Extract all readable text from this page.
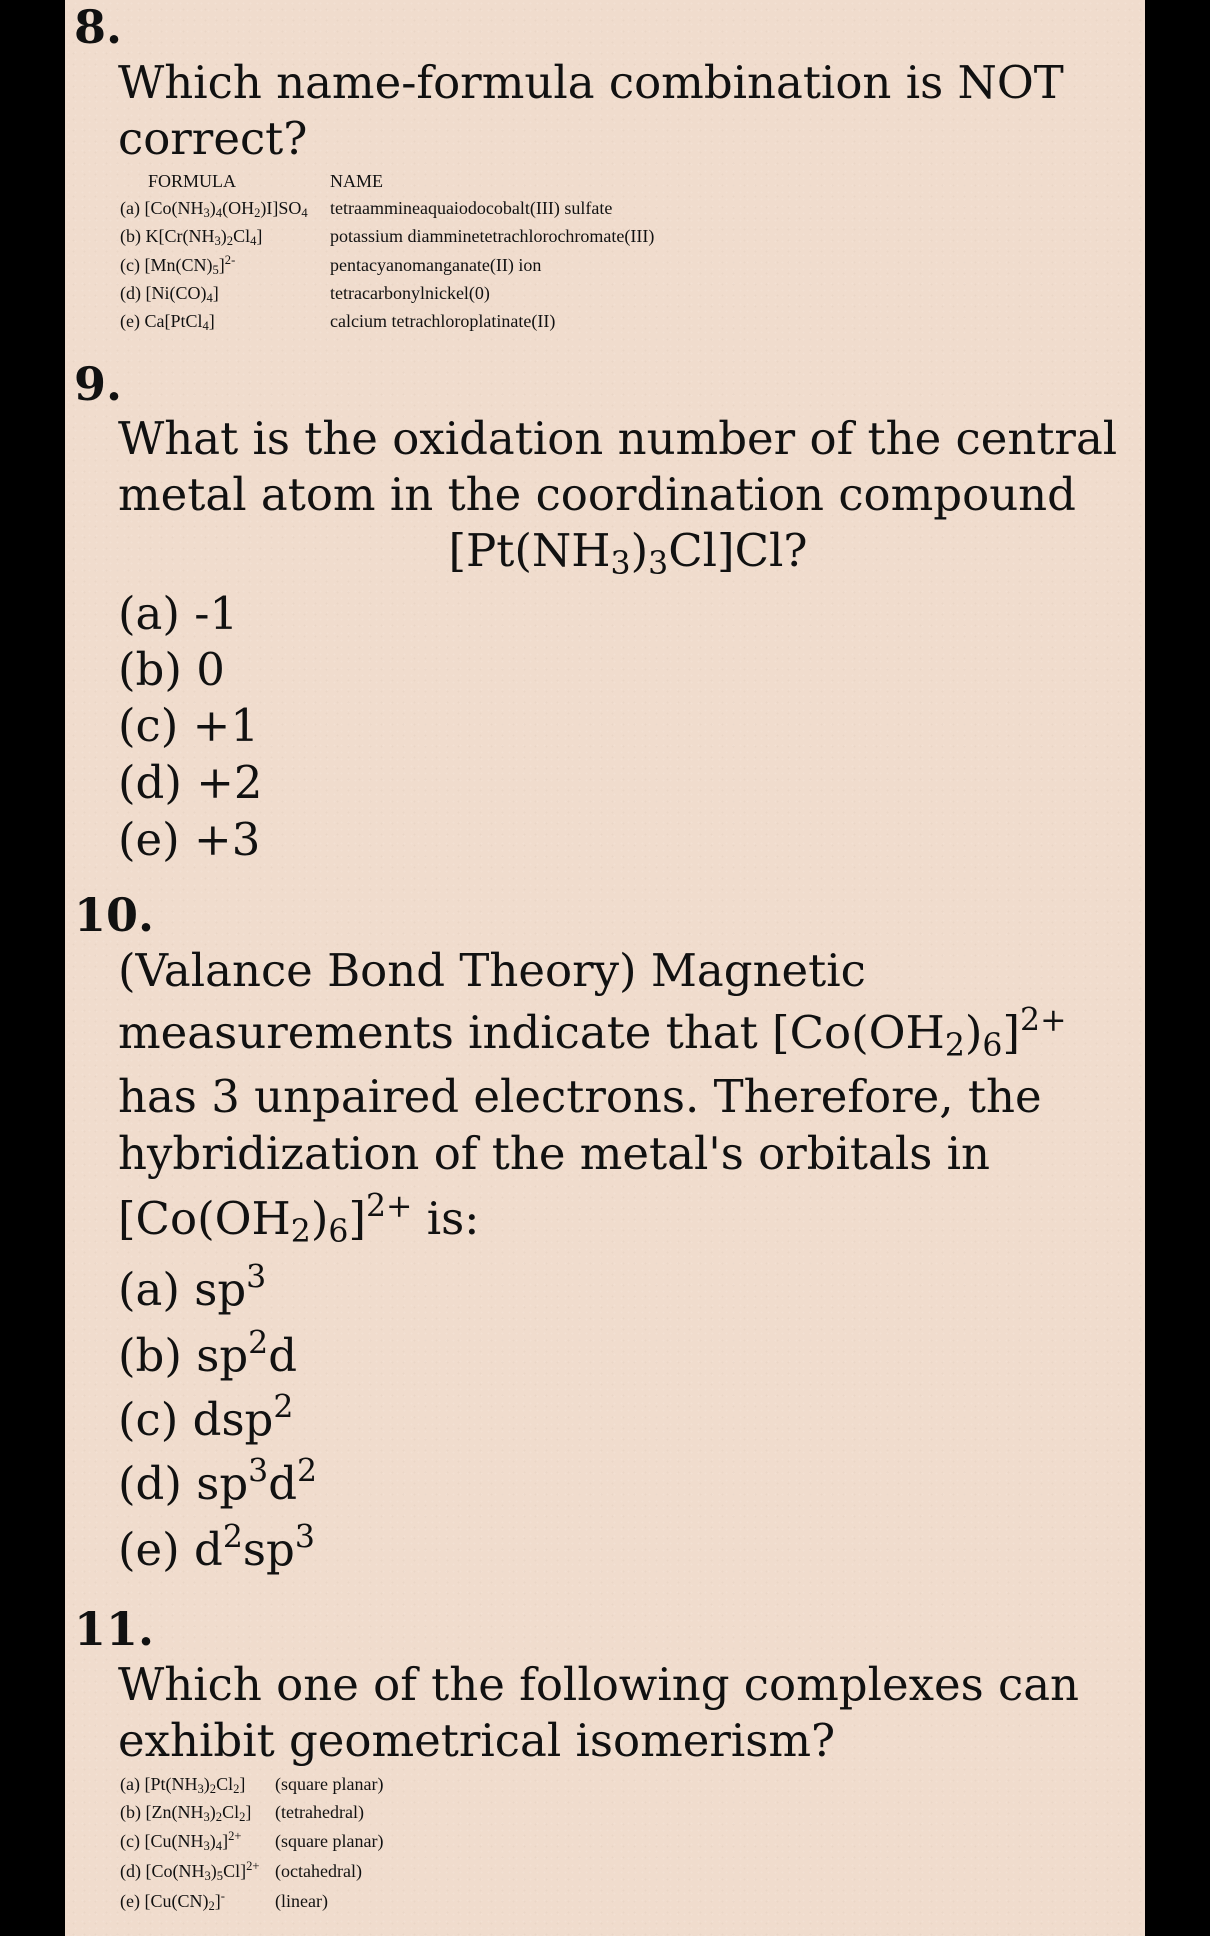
8.
Which name-formula combination is NOT
correct?
FORMULA	NAME
(a) $[Co(NH_3)_4(OH_2)I]SO_4$ tetraammineaquaiodocobalt(III) sulfate
(b) $K[Cr(NH_3)_2Cl_4]$	potassium diamminetetrachlorochromate(III)
(c) $[Mn(CN)_5]^{2-}$	pentacyanomanganate(II) ion
(d) $[Ni(CO)_4]$	tetracarbonylnickel(0)
(e) Ca[PtCl$_4$]	calcium tetrachloroplatinate(II)
9.
What is the oxidation number of the central
metal atom in the coordination compound
$[Pt(NH_3)_3Cl]Cl$?
(a) -1
(b) 0
(c) +1
(d) +2
(e) +3
10.
(Valance Bond Theory) Magnetic
measurements indicate that $[Co(OH_2)_6]^{2+}$
has 3 unpaired electrons. Therefore, the
hybridization of the metal's orbitals in
$[Co(OH_2)_6]^{2+}$ is:
(a) $sp^3$
(b) $sp^2d$
(c) dsp$^2$
(d) $sp^3d^2$
(e) $d^2sp^3$
11.
Which one of the following complexes can
exhibit geometrical isomerism?
(a) $[Pt(NH_3)_2Cl_2]$ (square planar)
(b) $[Zn(NH_3)_2Cl_2]$ (tetrahedral)
(c) $[Cu(NH_3)_4]^{2+}$ (square planar)
(d) $[Co(NH_3)_5Cl]^{2+}$ (octahedral)
(e) $[Cu(CN)_2]^-$	(linear)
